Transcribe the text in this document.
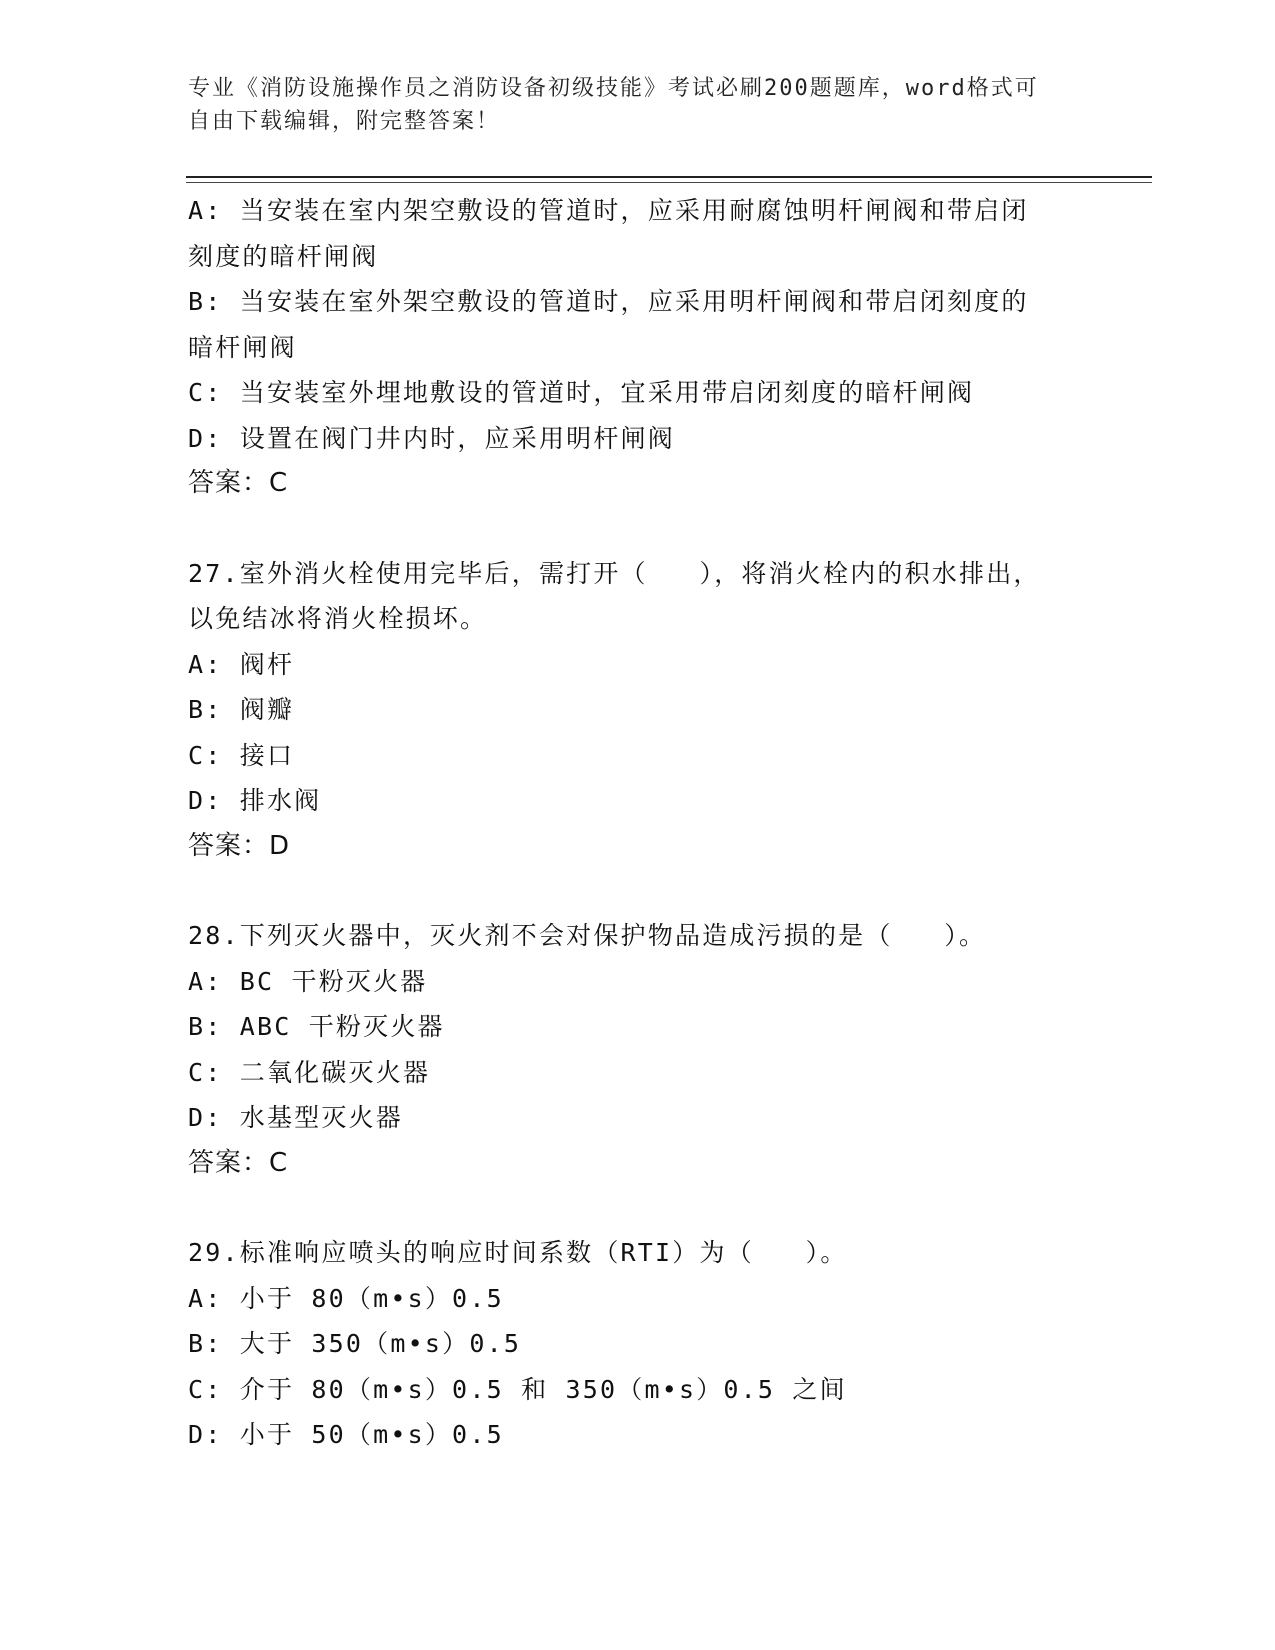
专业《消防设施操作员之消防设备初级技能》考试必刷200题题库，word格式可
自由下载编辑，附完整答案！
A: 当安装在室内架空敷设的管道时，应采用耐腐蚀明杆闸阀和带启闭
刻度的暗杆闸阀
B: 当安装在室外架空敷设的管道时，应采用明杆闸阀和带启闭刻度的
暗杆闸阀
C: 当安装室外埋地敷设的管道时，宜采用带启闭刻度的暗杆闸阀
D: 设置在阀门井内时，应采用明杆闸阀
答案：C
27.室外消火栓使用完毕后，需打开（   ），将消火栓内的积水排出，
以免结冰将消火栓损坏。
A: 阀杆
B: 阀瓣
C: 接口
D: 排水阀
答案：D
28.下列灭火器中，灭火剂不会对保护物品造成污损的是（   ）。
A: BC 干粉灭火器
B: ABC 干粉灭火器
C: 二氧化碳灭火器
D: 水基型灭火器
答案：C
29.标准响应喷头的响应时间系数（RTI）为（   ）。
A: 小于 80（m•s）0.5
B: 大于 350（m•s）0.5
C: 介于 80（m•s）0.5 和 350（m•s）0.5 之间
D: 小于 50（m•s）0.5
